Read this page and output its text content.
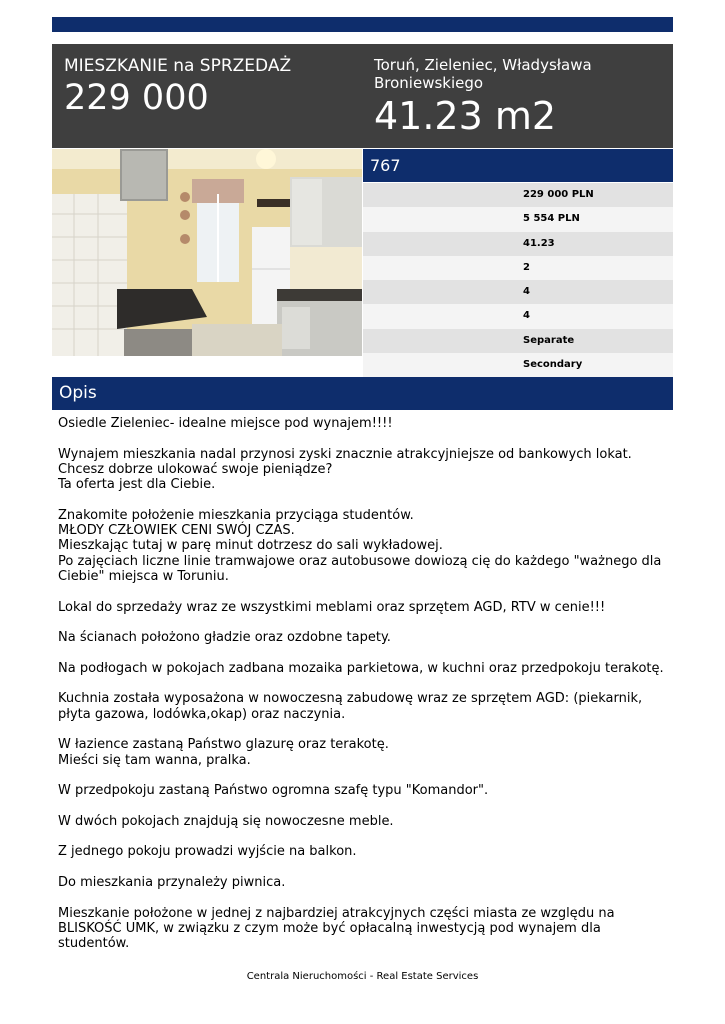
MIESZKANIE na SPRZEDAŻ
229 000
Toruń, Zieleniec, Władysława Broniewskiego
41.23 m2
767
229 000 PLN
5 554 PLN
41.23
2
4
4
Separate
Secondary
Opis

Osiedle Zieleniec- idealne miejsce pod wynajem!!!!

Wynajem mieszkania nadal przynosi zyski znacznie atrakcyjniejsze od bankowych lokat.
Chcesz dobrze ulokować swoje pieniądze?
Ta oferta jest dla Ciebie.

Znakomite położenie mieszkania przyciąga studentów.
MŁODY CZŁOWIEK CENI SWÓJ CZAS.
Mieszkając tutaj w parę minut dotrzesz do sali wykładowej.
Po zajęciach liczne linie tramwajowe oraz autobusowe dowiozą cię do każdego "ważnego dla Ciebie" miejsca w Toruniu.

Lokal do sprzedaży wraz ze wszystkimi meblami oraz sprzętem AGD, RTV w cenie!!!

Na ścianach położono gładzie oraz ozdobne tapety.

Na podłogach w pokojach zadbana mozaika parkietowa, w kuchni oraz przedpokoju terakotę.

Kuchnia została wyposażona w nowoczesną zabudowę wraz ze sprzętem AGD: (piekarnik, płyta gazowa, lodówka,okap) oraz naczynia.

W łazience zastaną Państwo glazurę oraz terakotę.
Mieści się tam wanna, pralka.

W przedpokoju zastaną Państwo ogromna szafę typu "Komandor".

W dwóch pokojach znajdują się nowoczesne meble.

Z jednego pokoju prowadzi wyjście na balkon.

Do mieszkania przynależy piwnica.

Mieszkanie położone w jednej z najbardziej atrakcyjnych części miasta ze względu na BLISKOŚĆ UMK, w związku z czym może być opłacalną inwestycją pod wynajem dla studentów.

Centrala Nieruchomości - Real Estate Services
